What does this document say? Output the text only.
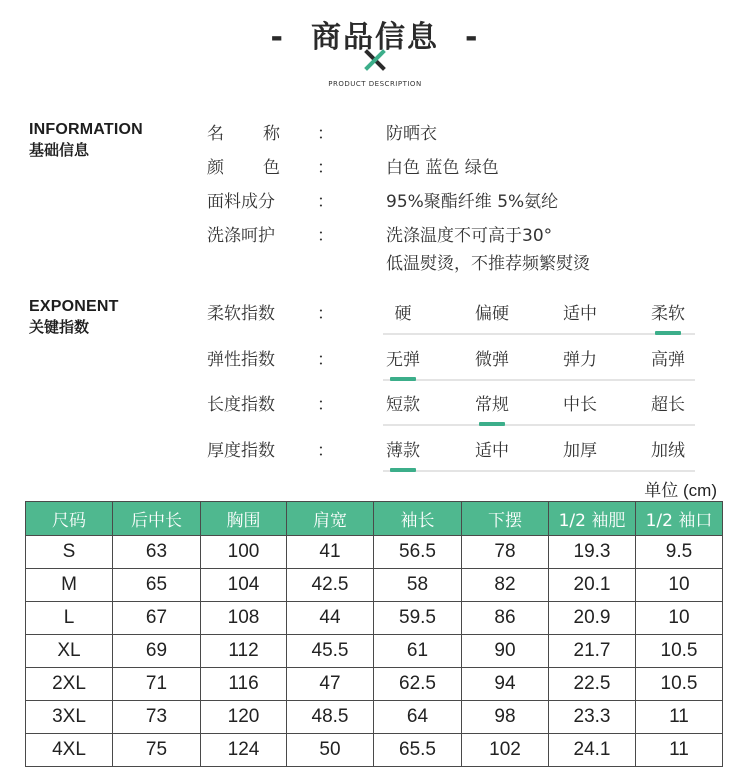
- 商品信息 -
PRODUCT DESCRIPTION
INFORMATION
基础信息
名 称	：	防晒衣
颜 色	：	白色 蓝色 绿色
面料成分	：	95%聚酯纤维 5%氨纶
洗涤呵护	：	洗涤温度不可高于30°
低温熨烫，不推荐频繁熨烫
EXPONENT
关键指数
柔软指数 ：	硬	偏硬	适中	柔软
弹性指数 ：	无弹	微弹	弹力	高弹
长度指数 ：	短款	常规	中长	超长
厚度指数 ：	薄款	适中	加厚	加绒
单位 (cm)
尺码	后中长	胸围	肩宽	袖长	下摆	1/2 袖肥	1/2 袖口
S	63	100	41	56.5	78	19.3	9.5
M	65	104	42.5	58	82	20.1	10
L	67	108	44	59.5	86	20.9	10
XL	69	112	45.5	61	90	21.7	10.5
2XL	71	116	47	62.5	94	22.5	10.5
3XL	73	120	48.5	64	98	23.3	11
4XL	75	124	50	65.5	102	24.1	11
